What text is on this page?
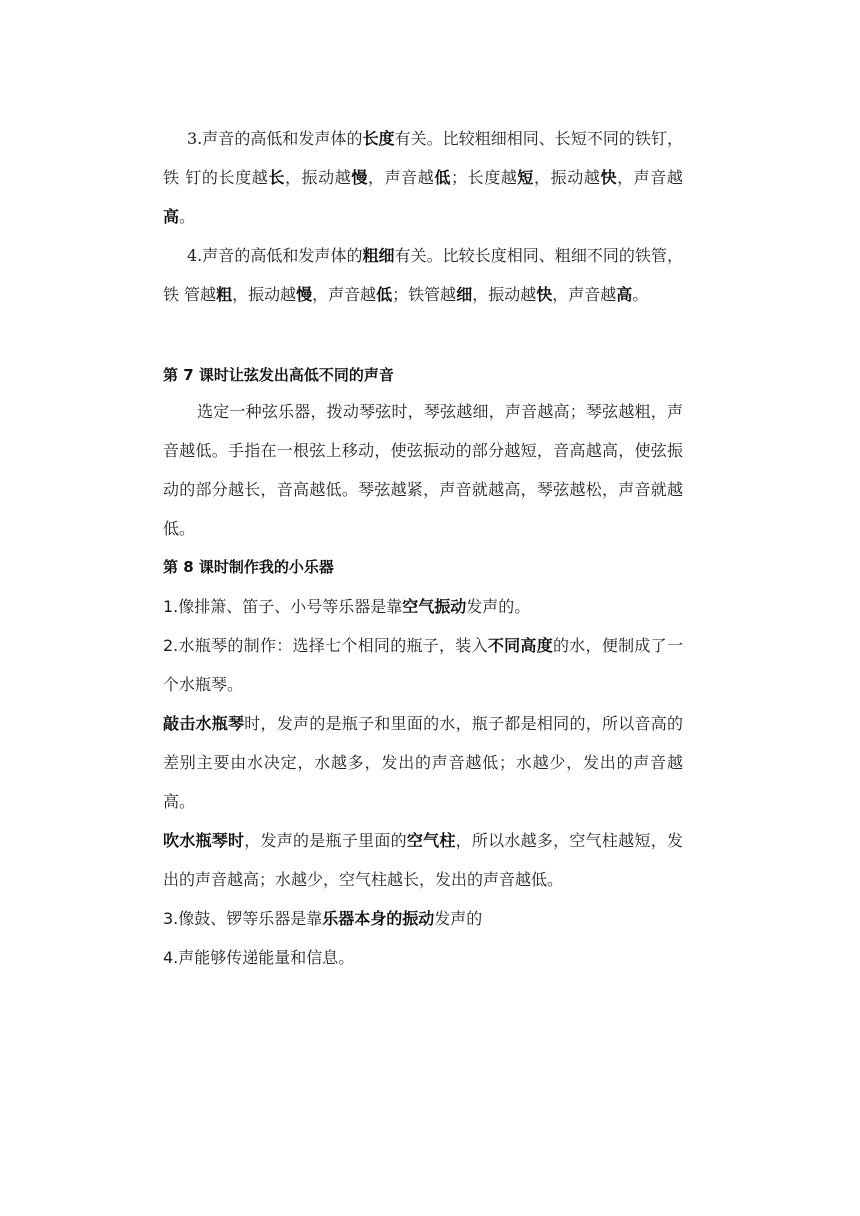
3.声音的高低和发声体的长度有关。比较粗细相同、长短不同的铁钉，铁 钉的长度越长，振动越慢，声音越低；长度越短，振动越快，声音越高。

4.声音的高低和发声体的粗细有关。比较长度相同、粗细不同的铁管，铁 管越粗，振动越慢，声音越低；铁管越细，振动越快，声音越高。

第 7 课时让弦发出高低不同的声音

选定一种弦乐器，拨动琴弦时，琴弦越细，声音越高；琴弦越粗，声音越低。手指在一根弦上移动，使弦振动的部分越短，音高越高，使弦振动的部分越长，音高越低。琴弦越紧，声音就越高，琴弦越松，声音就越低。

第 8 课时制作我的小乐器

1.像排箫、笛子、小号等乐器是靠空气振动发声的。

2.水瓶琴的制作：选择七个相同的瓶子，装入不同高度的水，便制成了一个水瓶琴。

敲击水瓶琴时，发声的是瓶子和里面的水，瓶子都是相同的，所以音高的差别主要由水决定，水越多，发出的声音越低；水越少，发出的声音越高。

吹水瓶琴时，发声的是瓶子里面的空气柱，所以水越多，空气柱越短，发出的声音越高；水越少，空气柱越长，发出的声音越低。

3.像鼓、锣等乐器是靠乐器本身的振动发声的

4.声能够传递能量和信息。
